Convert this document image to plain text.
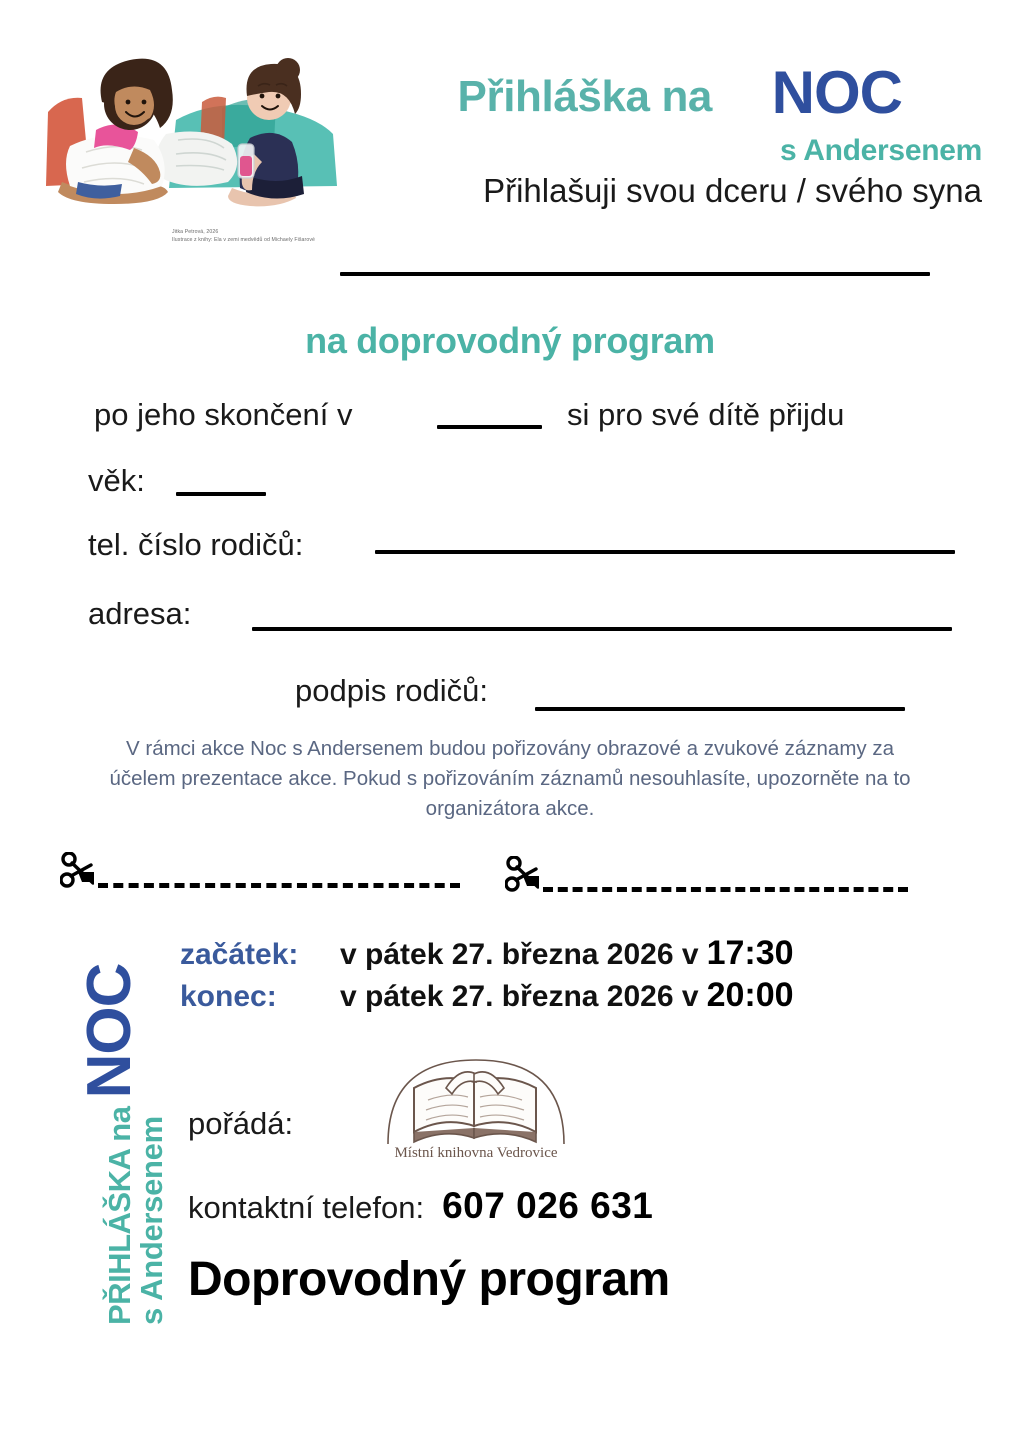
Jitka Petrová, 2026
Ilustrace z knihy: Ela v zemi medvědů od Michaely Fišarové
Přihláška na NOC
s Andersenem
Přihlašuji svou dceru / svého syna
na doprovodný program
po jeho skončení v	si pro své dítě přijdu
věk:
tel. číslo rodičů:
adresa:
podpis rodičů:
V rámci akce Noc s Andersenem budou pořizovány obrazové a zvukové záznamy za účelem prezentace akce. Pokud s pořizováním záznamů nesouhlasíte, upozorněte na to organizátora akce.
PŘIHLÁŠKA na NOC
s Andersenem
začátek: v pátek 27. března 2026 v 17:30
konec: v pátek 27. března 2026 v 20:00
pořádá:
Místní knihovna Vedrovice
kontaktní telefon: 607 026 631
Doprovodný program
